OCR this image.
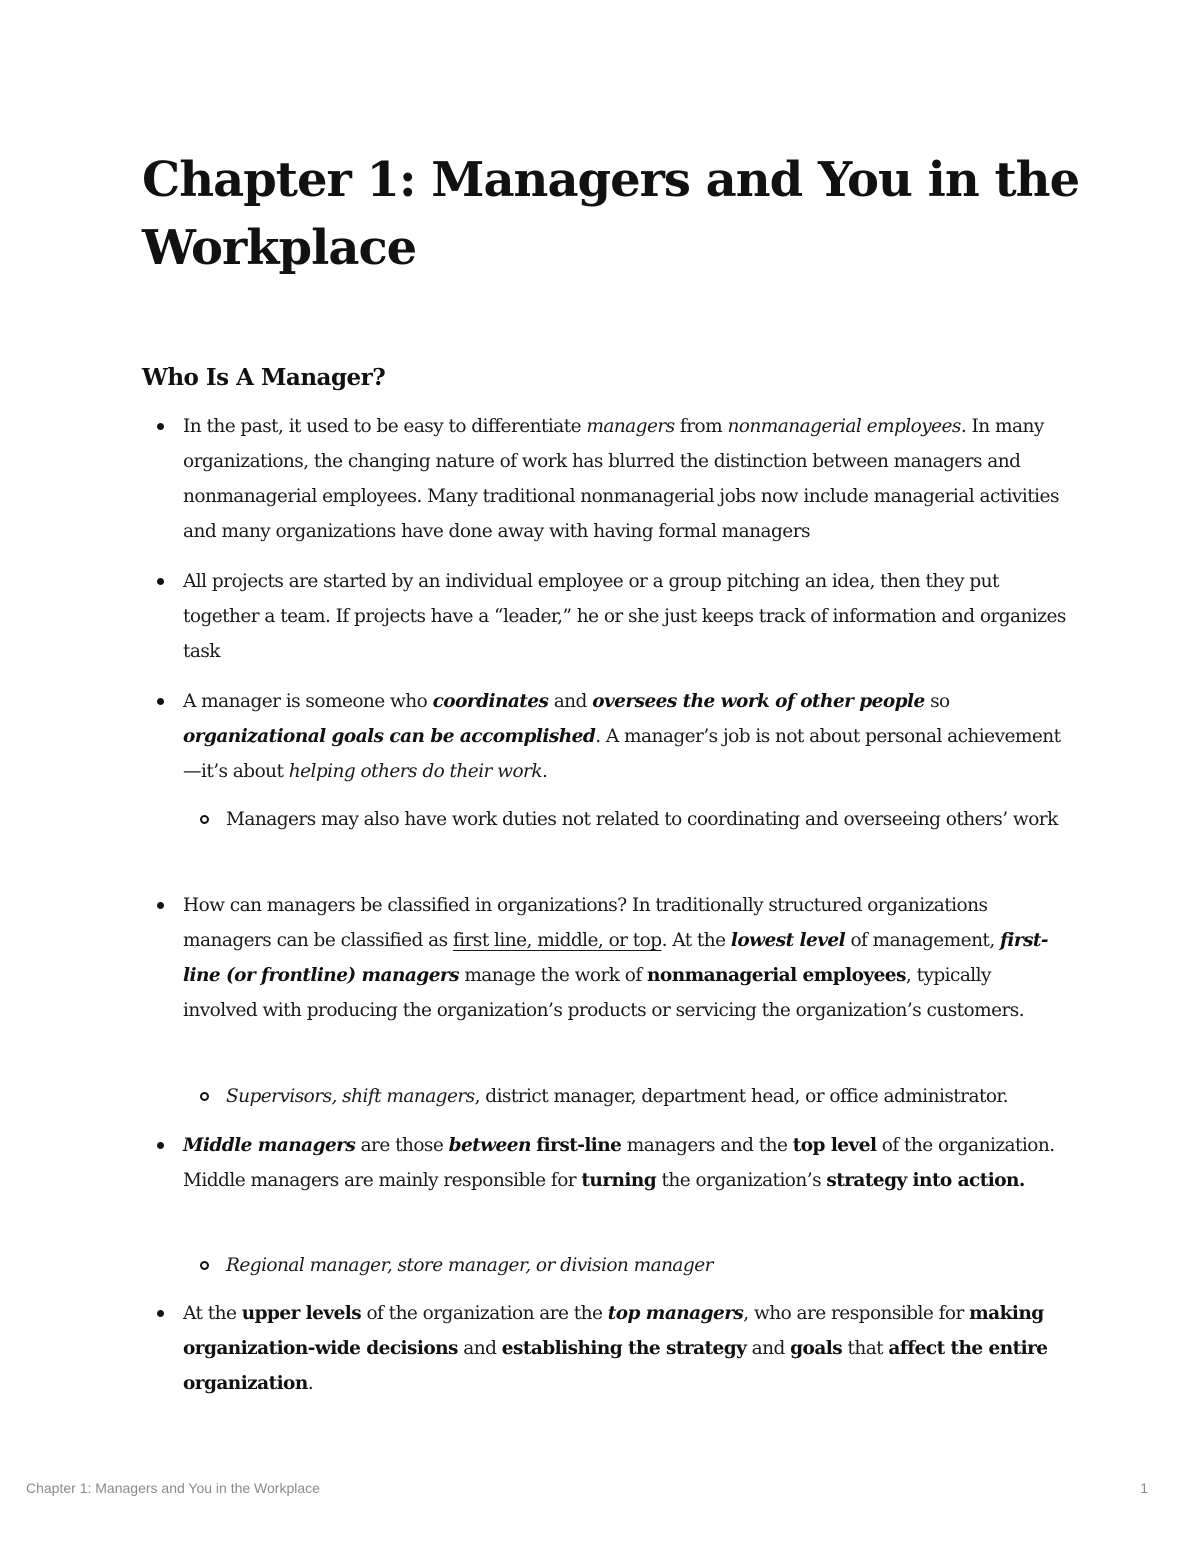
Chapter 1: Managers and You in the Workplace
Who Is A Manager?
In the past, it used to be easy to differentiate managers from nonmanagerial employees. In many organizations, the changing nature of work has blurred the distinction between managers and nonmanagerial employees. Many traditional nonmanagerial jobs now include managerial activities and many organizations have done away with having formal managers
All projects are started by an individual employee or a group pitching an idea, then they put together a team. If projects have a “leader,” he or she just keeps track of information and organizes task
A manager is someone who coordinates and oversees the work of other people so organizational goals can be accomplished. A manager’s job is not about personal achievement—it’s about helping others do their work.
Managers may also have work duties not related to coordinating and overseeing others’ work
How can managers be classified in organizations? In traditionally structured organizations managers can be classified as first line, middle, or top. At the lowest level of management, first-line (or frontline) managers manage the work of nonmanagerial employees, typically involved with producing the organization’s products or servicing the organization’s customers.
Supervisors, shift managers, district manager, department head, or office administrator.
Middle managers are those between first-line managers and the top level of the organization. Middle managers are mainly responsible for turning the organization’s strategy into action.
Regional manager, store manager, or division manager
At the upper levels of the organization are the top managers, who are responsible for making organization-wide decisions and establishing the strategy and goals that affect the entire organization.
Chapter 1: Managers and You in the Workplace	1
